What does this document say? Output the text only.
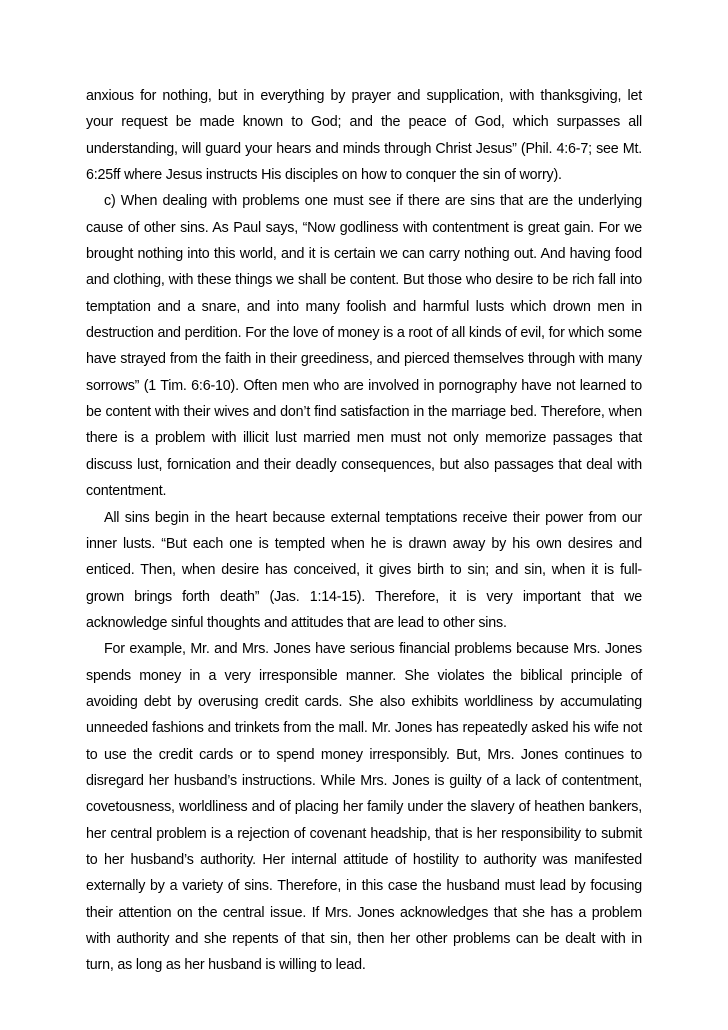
anxious for nothing, but in everything by prayer and supplication, with thanksgiving, let your request be made known to God; and the peace of God, which surpasses all understanding, will guard your hears and minds through Christ Jesus” (Phil. 4:6-7; see Mt. 6:25ff where Jesus instructs His disciples on how to conquer the sin of worry).

c) When dealing with problems one must see if there are sins that are the underlying cause of other sins. As Paul says, “Now godliness with contentment is great gain. For we brought nothing into this world, and it is certain we can carry nothing out. And having food and clothing, with these things we shall be content. But those who desire to be rich fall into temptation and a snare, and into many foolish and harmful lusts which drown men in destruction and perdition. For the love of money is a root of all kinds of evil, for which some have strayed from the faith in their greediness, and pierced themselves through with many sorrows” (1 Tim. 6:6-10). Often men who are involved in pornography have not learned to be content with their wives and don’t find satisfaction in the marriage bed. Therefore, when there is a problem with illicit lust married men must not only memorize passages that discuss lust, fornication and their deadly consequences, but also passages that deal with contentment.

All sins begin in the heart because external temptations receive their power from our inner lusts. “But each one is tempted when he is drawn away by his own desires and enticed. Then, when desire has conceived, it gives birth to sin; and sin, when it is full-grown brings forth death” (Jas. 1:14-15). Therefore, it is very important that we acknowledge sinful thoughts and attitudes that are lead to other sins.

For example, Mr. and Mrs. Jones have serious financial problems because Mrs. Jones spends money in a very irresponsible manner. She violates the biblical principle of avoiding debt by overusing credit cards. She also exhibits worldliness by accumulating unneeded fashions and trinkets from the mall. Mr. Jones has repeatedly asked his wife not to use the credit cards or to spend money irresponsibly. But, Mrs. Jones continues to disregard her husband’s instructions. While Mrs. Jones is guilty of a lack of contentment, covetousness, worldliness and of placing her family under the slavery of heathen bankers, her central problem is a rejection of covenant headship, that is her responsibility to submit to her husband’s authority. Her internal attitude of hostility to authority was manifested externally by a variety of sins. Therefore, in this case the husband must lead by focusing their attention on the central issue. If Mrs. Jones acknowledges that she has a problem with authority and she repents of that sin, then her other problems can be dealt with in turn, as long as her husband is willing to lead.
